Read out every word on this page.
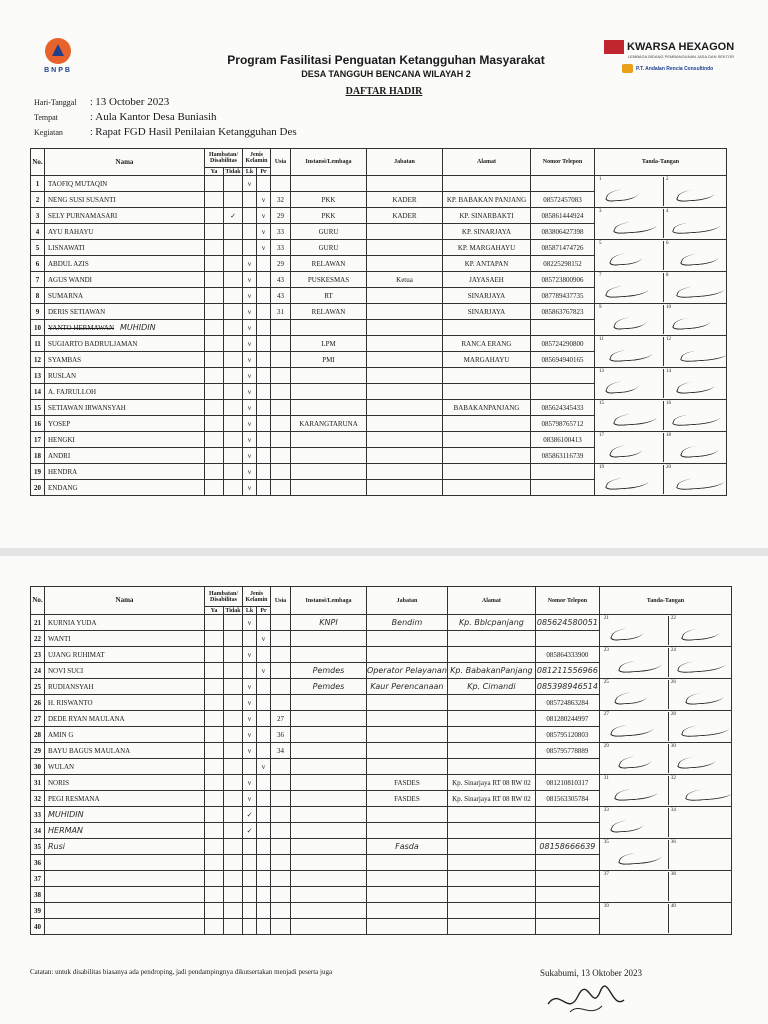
BNPB
Program Fasilitasi Penguatan Ketangguhan Masyarakat
DESA TANGGUH BENCANA WILAYAH 2
KWARSA HEXAGON
LEMBAGA BIDANG PEMBANGUNAN JASA DAN SEKTOR
P.T. Andalan Rencia Consultindo
DAFTAR HADIR
Hari-Tanggal : 13 October 2023
Tempat	: Aula Kantor Desa Buniasih
Kegiatan	: Rapat FGD Hasil Penilaian Ketangguhan Des
No.	Nama	Hambatan/ Disabilitas		Jenis Kelamin		Usia	Instansi/Lembaga	Jabatan	Alamat	Nomor Telepon	Tanda-Tangan
		Ya	Tidak	Lk	Pr						
1	TAOFIQ MUTAQIN			v							1 2

2	NENG SUSI SUSANTI				v	32	PKK	KADER	KP. BABAKAN PANJANG	08572457083	
3	SELY PURNAMASARI		✓		v	29	PKK	KADER	KP. SINARBAKTI	085861444924	3 4

4	AYU RAHAYU				v	33	GURU		KP. SINARJAYA	083806427398	
5	LISNAWATI				v	33	GURU		KP. MARGAHAYU	085871474726	5 6

6	ABDUL AZIS			v		29	RELAWAN		KP. ANTAPAN	08225298152	
7	AGUS WANDI			v		43	PUSKESMAS	Ketua	JAYASAEH	085723800906	7 8

8	SUMARNA			v		43	RT		SINARJAYA	087789437735	
9	DERIS SETIAWAN			v		31	RELAWAN		SINARJAYA	085863767823	9 10

10	YANTO HERMAWAN MUHIDIN			v							
11	SUGIARTO BADRULJAMAN			v			LPM		RANCA ERANG	085724290800	11 12

12	SYAMBAS			v			PMI		MARGAHAYU	085694940165	
13	RUSLAN			v							13 14

14	A. FAJRULLOH			v							
15	SETIAWAN IRWANSYAH			v					BABAKANPANJANG	085624345433	15 16

16	YOSEP			v			KARANGTARUNA			085798765712	
17	HENGKI			v						08386100413	17 18

18	ANDRI			v						085863116739	
19	HENDRA			v							19 20

20	ENDANG			v							
No.	Nama	Hambatan/ Disabilitas		Jenis Kelamin		Usia	Instansi/Lembaga	Jabatan	Alamat	Nomor Telepon	Tanda-Tangan
		Ya	Tidak	Lk	Pr						
21	KURNIA YUDA			v			KNPI	Bendim	Kp. Bblcpanjang	085624580051	21 22

22	WANTI				v						
23	UJANG RUHIMAT			v						085864333900	23 24

24	NOVI SUCI				v		Pemdes	Operator Pelayanan	Kp. BabakanPanjang	081211556966	
25	RUDIANSYAH			v			Pemdes	Kaur Perencanaan	Kp. Cimandi	085398946514	25 26

26	H. RISWANTO			v						085724863284	
27	DEDE RYAN MAULANA			v		27				081280244997	27 28

28	AMIN G			v		36				085795120803	
29	BAYU BAGUS MAULANA			v		34				085795778889	29 30

30	WULAN				v						
31	NORIS			v				FASDES	Kp. Sinarjaya RT 08 RW 02	081210810317	31 32

32	PEGI RESMANA			v				FASDES	Kp. Sinarjaya RT 08 RW 02	081563305784	
33	MUHIDIN			✓							33 34

34	HERMAN			✓							
35	Rusi							Fasda		08158666639	35 36

36											
37											37 38

38											
39											39 40

40											
Catatan: untuk disabilitas biasanya ada pendroping, jadi pendampingnya dikutsertakan menjadi peserta juga	Sukabumi, 13 Oktober 2023
